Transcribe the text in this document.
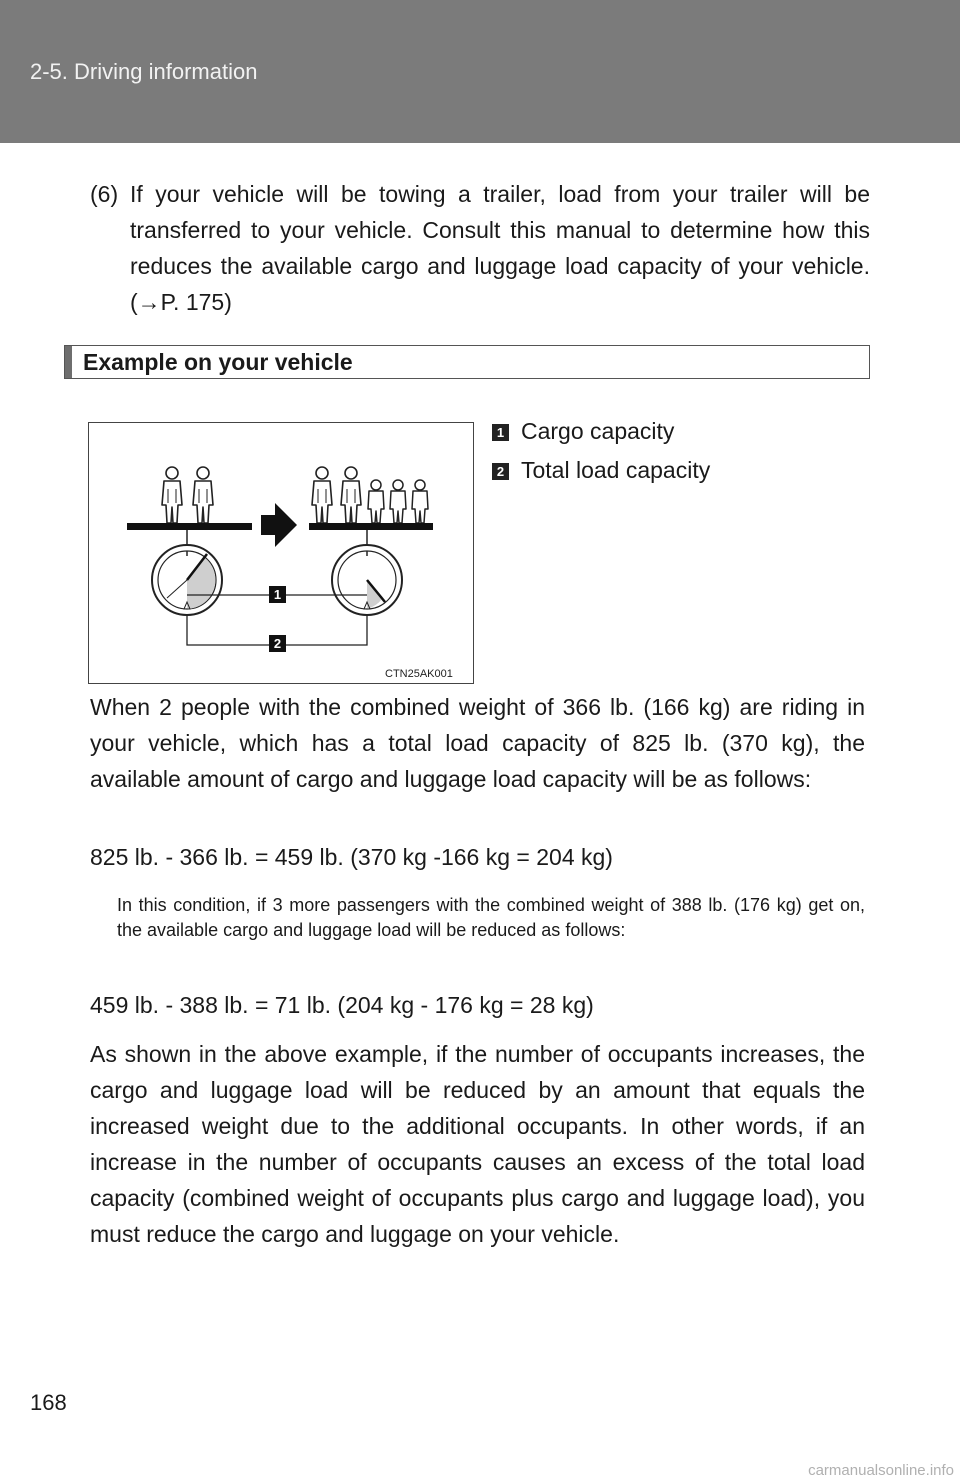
2-5. Driving information
(6) If your vehicle will be towing a trailer, load from your trailer will be transferred to your vehicle. Consult this manual to determine how this reduces the available cargo and luggage load capacity of your vehicle. (→P. 175)
Example on your vehicle
1
2
CTN25AK001
1 Cargo capacity
2 Total load capacity

When 2 people with the combined weight of 366 lb. (166 kg) are riding in your vehicle, which has a total load capacity of 825 lb. (370 kg), the available amount of cargo and luggage load capacity will be as follows:

825 lb. - 366 lb. = 459 lb. (370 kg -166 kg = 204 kg)

In this condition, if 3 more passengers with the combined weight of 388 lb. (176 kg) get on, the available cargo and luggage load will be reduced as follows:

459 lb. - 388 lb. = 71 lb. (204 kg - 176 kg = 28 kg)

As shown in the above example, if the number of occupants increases, the cargo and luggage load will be reduced by an amount that equals the increased weight due to the additional occupants. In other words, if an increase in the number of occupants causes an excess of the total load capacity (combined weight of occupants plus cargo and luggage load), you must reduce the cargo and luggage on your vehicle.

168
carmanualsonline.info
